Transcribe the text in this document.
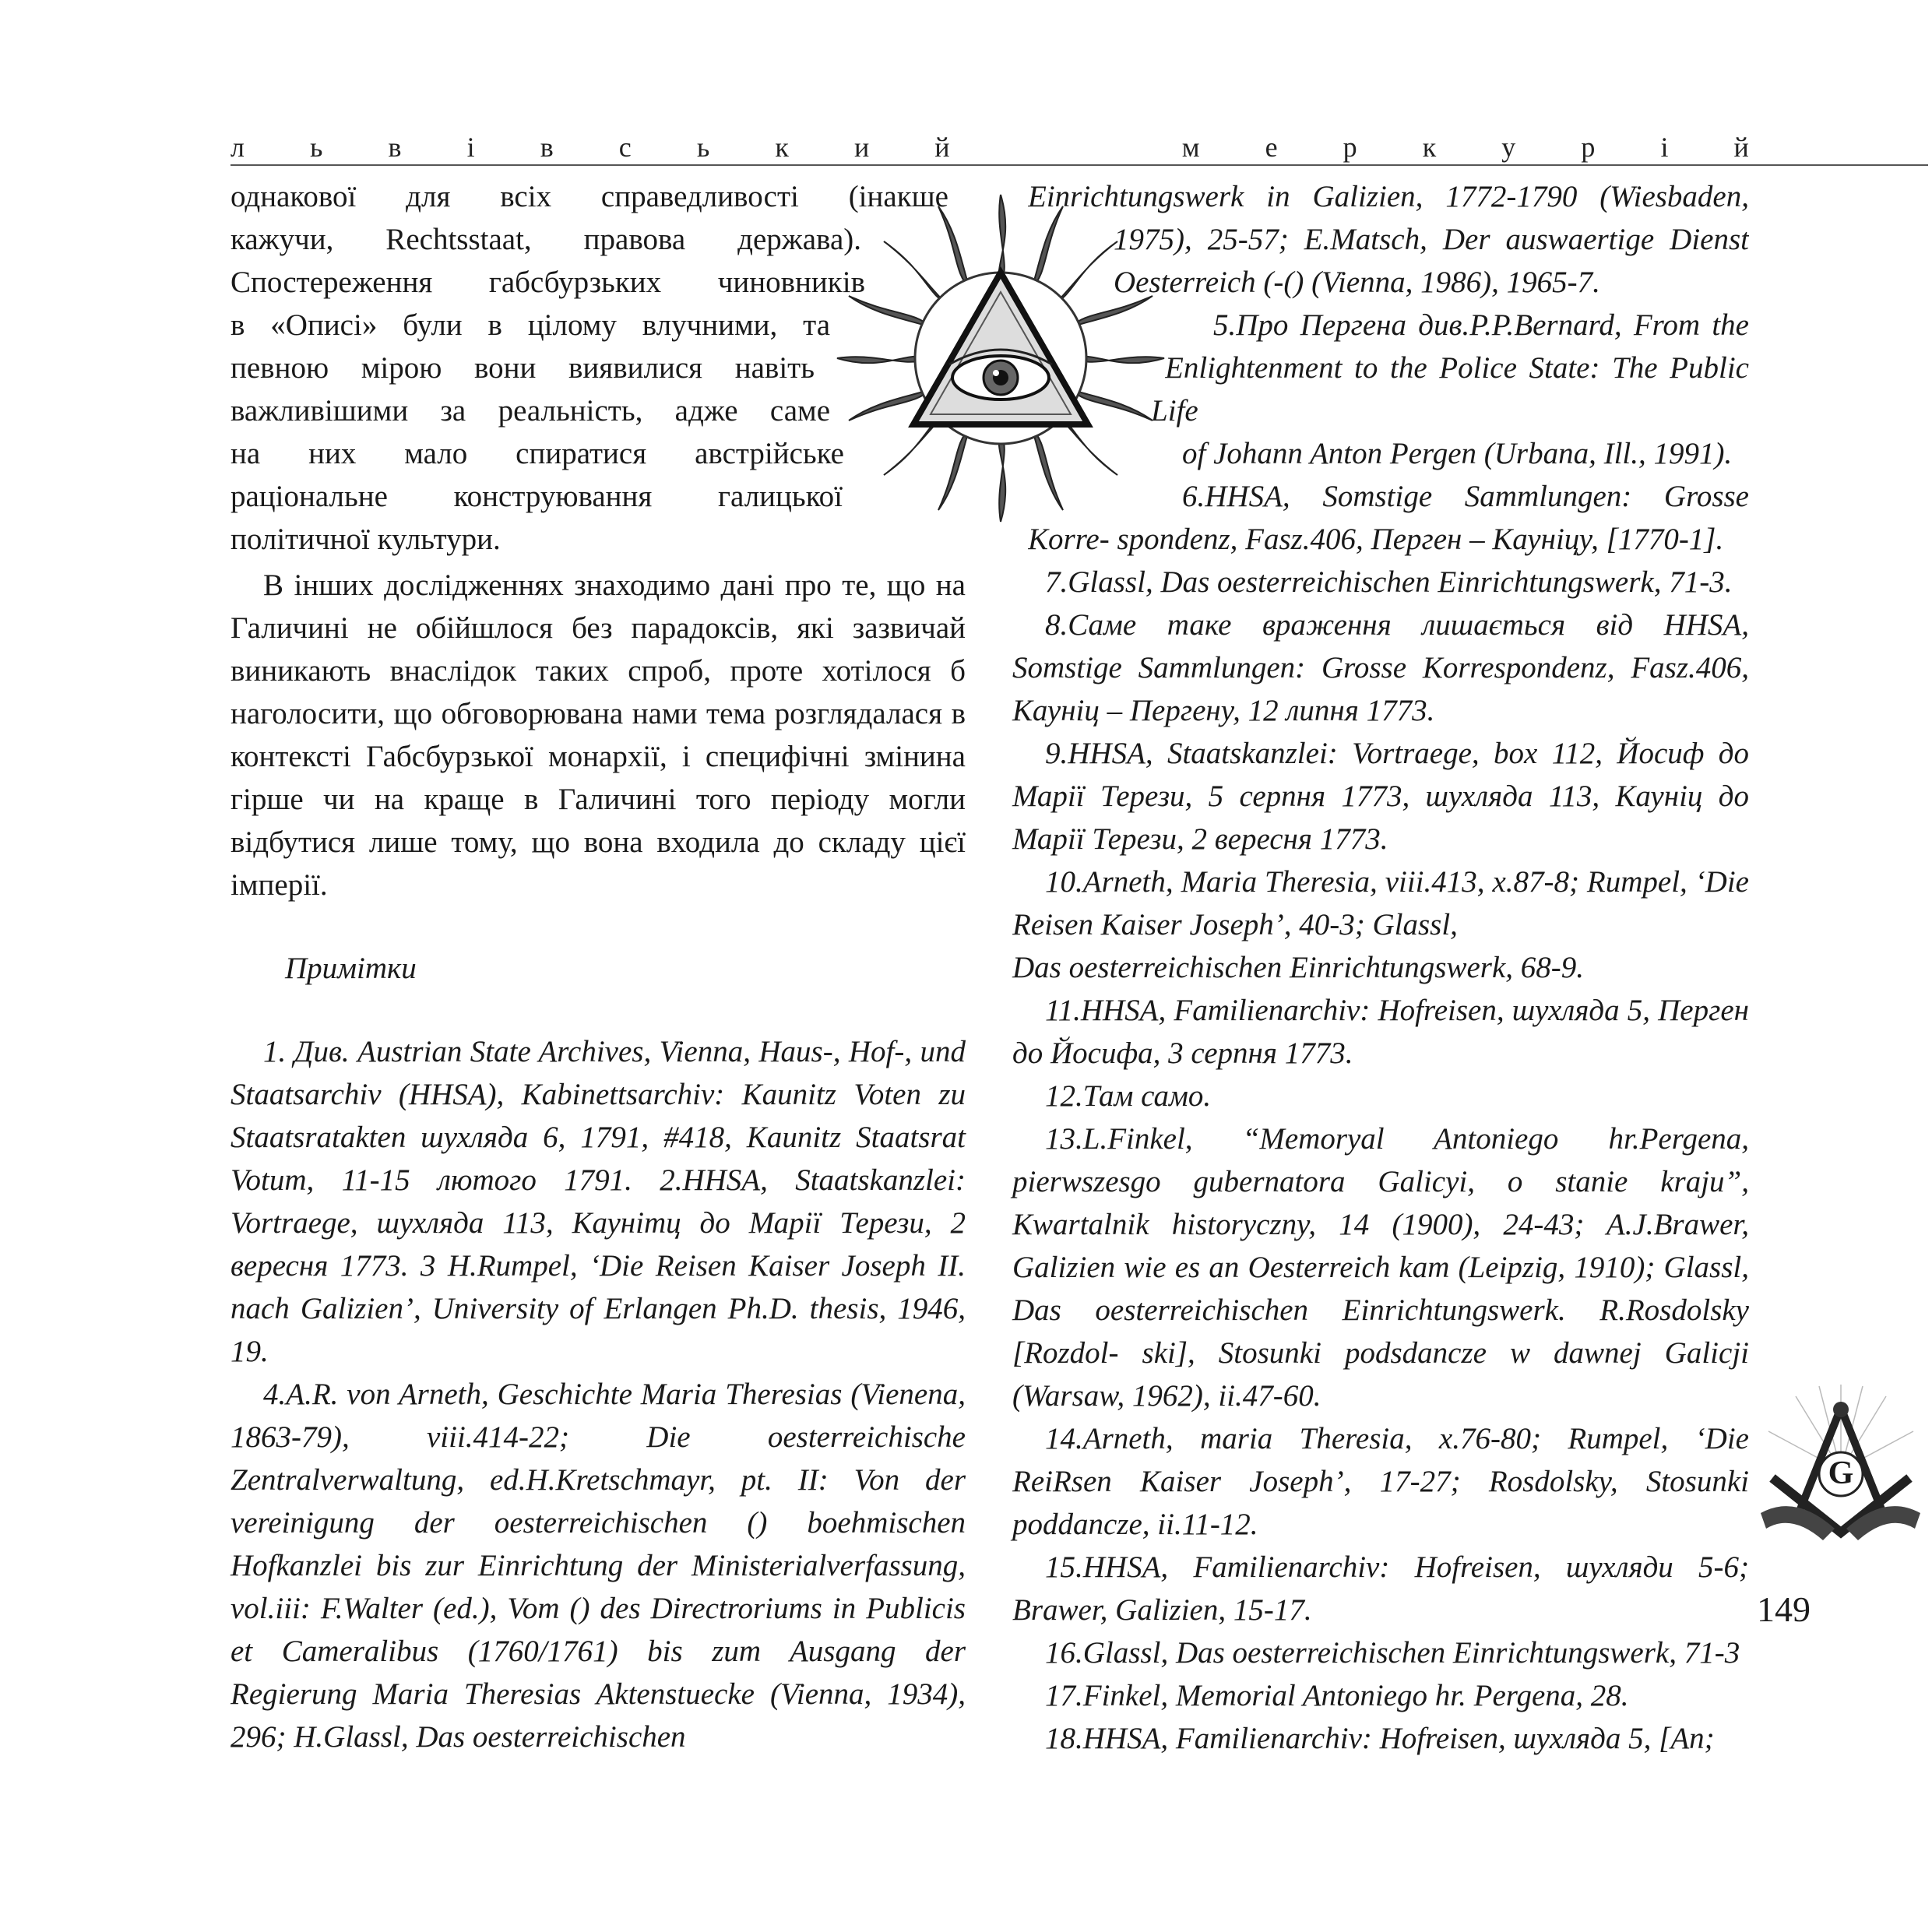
л ь в і в с ь к и й	м е р к у р і й
однакової для всіх справедливості (інакше
кажучи, Rechtsstaat, правова держава).
Спостереження габсбурзьких чиновників
в «Описі» були в цілому влучними, та
певною мірою вони виявилися навіть
важливішими за реальність, адже саме
на них мало спиратися австрійське
раціональне конструювання галицької
політичної культури.

В інших дослідженнях знаходимо дані про те, що на Галичині не обійшлося без парадоксів, які зазвичай виникають внаслідок таких спроб, проте хотілося б наголосити, що обговорювана нами тема розглядалася в контексті Габсбурзької монархії, і специфічні змінина гірше чи на краще в Галичині того періоду могли відбутися лише тому, що вона входила до складу цієї імперії.

Примітки

1. Див. Austrian State Archives, Vienna, Haus-, Hof-, und Staatsarchiv (HHSA), Kabinettsarchiv: Kaunitz Voten zu Staatsratakten шухляда 6, 1791, #418, Kaunitz Staatsrat Votum, 11-15 лютого 1791. 2.HHSA, Staatskanzlei: Vortraege, шухляда 113, Каунітц до Марії Терези, 2 вересня 1773. 3 H.Rumpel, ‘Die Reisen Kaiser Joseph II. nach Galizien’, University of Erlangen Ph.D. thesis, 1946, 19.

4.A.R. von Arneth, Geschichte Maria Theresias (Vienena, 1863-79), viii.414-22; Die oesterreichische Zentralverwaltung, ed.H.Kretschmayr, pt. II: Von der vereinigung der oesterreichischen () boehmischen Hofkanzlei bis zur Einrichtung der Ministerialverfassung, vol.iii: F.Walter (ed.), Vom () des Directroriums in Publicis et Cameralibus (1760/1761) bis zum Ausgang der Regierung Maria Theresias Aktenstuecke (Vienna, 1934), 296; H.Glassl, Das oesterreichischen

Einrichtungswerk in Galizien, 1772-1790 (Wiesbaden,
1975), 25-57; E.Matsch, Der auswaertige Dienst
Oesterreich (-() (Vienna, 1986), 1965-7.
5.Про Пергена див.P.P.Bernard, From the
Enlightenment to the Police State: The Public
Life
of Johann Anton Pergen (Urbana, Ill., 1991).
6.HHSA, Somstige Sammlungen: Grosse
Korre- spondenz, Fasz.406, Перген – Кауніцу, [1770-1].

7.Glassl, Das oesterreichischen Einrichtungswerk, 71-3.

8.Саме таке враження лишається від HHSA, Somstige Sammlungen: Grosse Korrespondenz, Fasz.406, Кауніц – Пергену, 12 липня 1773.

9.HHSA, Staatskanzlei: Vortraege, box 112, Йосиф до Марії Терези, 5 серпня 1773, шухляда 113, Кауніц до Марії Терези, 2 вересня 1773.

10.Arneth, Maria Theresia, viii.413, x.87-8; Rumpel, ‘Die Reisen Kaiser Joseph’, 40-3; Glassl,

Das oesterreichischen Einrichtungswerk, 68-9.

11.HHSA, Familienarchiv: Hofreisen, шухляда 5, Перген до Йосифа, 3 серпня 1773.

12.Там само.

13.L.Finkel, “Memoryal Antoniego hr.Pergena, pierwszesgo gubernatora Galicyi, o stanie kraju”, Kwartalnik historyczny, 14 (1900), 24-43; A.J.Brawer, Galizien wie es an Oesterreich kam (Leipzig, 1910); Glassl, Das oesterreichischen Einrichtungswerk. R.Rosdolsky [Rozdol- ski], Stosunki podsdancze w dawnej Galicji (Warsaw, 1962), ii.47-60.

14.Arneth, maria Theresia, x.76-80; Rumpel, ‘Die ReiRsen Kaiser Joseph’, 17-27; Rosdolsky, Stosunki poddancze, ii.11-12.

15.HHSA, Familienarchiv: Hofreisen, шухляди 5-6; Brawer, Galizien, 15-17.

16.Glassl, Das oesterreichischen Einrichtungswerk, 71-3

17.Finkel, Memorial Antoniego hr. Pergena, 28.

18.HHSA, Familienarchiv: Hofreisen, шухляда 5, [An;

G
149
